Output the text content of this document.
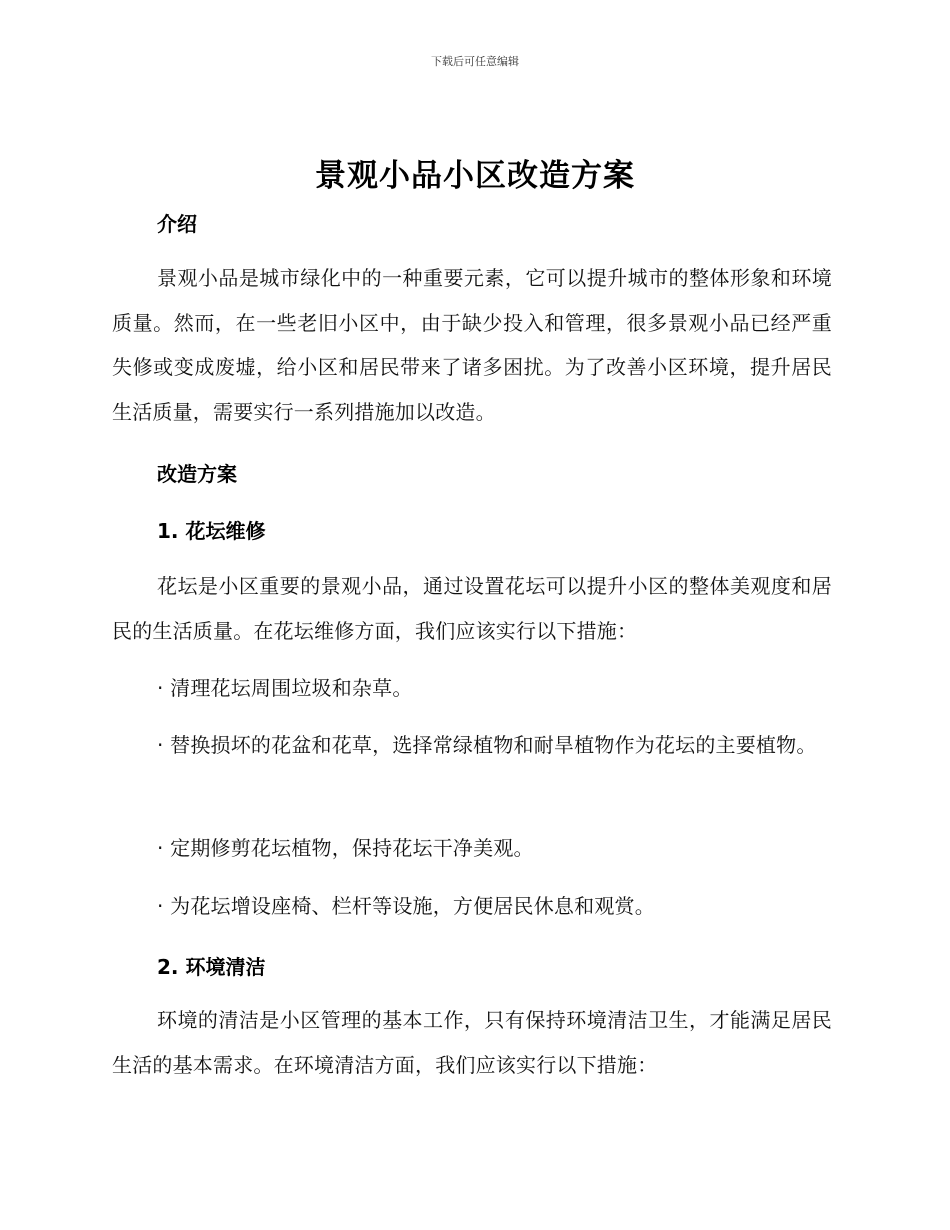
下载后可任意编辑
景观小品小区改造方案
介绍

景观小品是城市绿化中的一种重要元素，它可以提升城市的整体形象和环境质量。然而，在一些老旧小区中，由于缺少投入和管理，很多景观小品已经严重失修或变成废墟，给小区和居民带来了诸多困扰。为了改善小区环境，提升居民生活质量，需要实行一系列措施加以改造。

改造方案
1. 花坛维修

花坛是小区重要的景观小品，通过设置花坛可以提升小区的整体美观度和居民的生活质量。在花坛维修方面，我们应该实行以下措施：

· 清理花坛周围垃圾和杂草。

· 替换损坏的花盆和花草，选择常绿植物和耐旱植物作为花坛的主要植物。

· 定期修剪花坛植物，保持花坛干净美观。

· 为花坛增设座椅、栏杆等设施，方便居民休息和观赏。

2. 环境清洁

环境的清洁是小区管理的基本工作，只有保持环境清洁卫生，才能满足居民生活的基本需求。在环境清洁方面，我们应该实行以下措施：
